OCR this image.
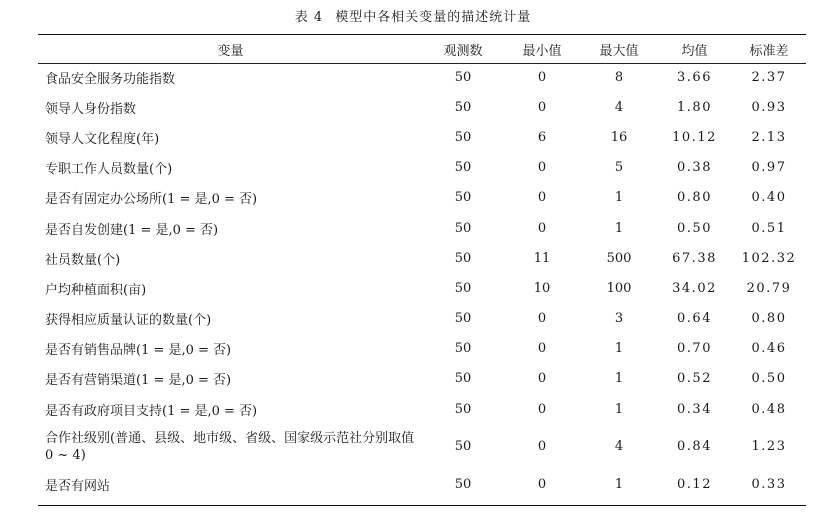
表 4 模型中各相关变量的描述统计量
变量	观测数	最小值	最大值	均值	标准差
食品安全服务功能指数	50	0	8	3.66	2.37
领导人身份指数	50	0	4	1.80	0.93
领导人文化程度(年)	50	6	16	10.12	2.13
专职工作人员数量(个)	50	0	5	0.38	0.97
是否有固定办公场所(1 = 是,0 = 否)	50	0	1	0.80	0.40
是否自发创建(1 = 是,0 = 否)	50	0	1	0.50	0.51
社员数量(个)	50	11	500	67.38	102.32
户均种植面积(亩)	50	10	100	34.02	20.79
获得相应质量认证的数量(个)	50	0	3	0.64	0.80
是否有销售品牌(1 = 是,0 = 否)	50	0	1	0.70	0.46
是否有营销渠道(1 = 是,0 = 否)	50	0	1	0.52	0.50
是否有政府项目支持(1 = 是,0 = 否)	50	0	1	0.34	0.48
合作社级别(普通、县级、地市级、省级、国家级示范社分别取值 0 ~ 4)	50	0	4	0.84	1.23
是否有网站	50	0	1	0.12	0.33
